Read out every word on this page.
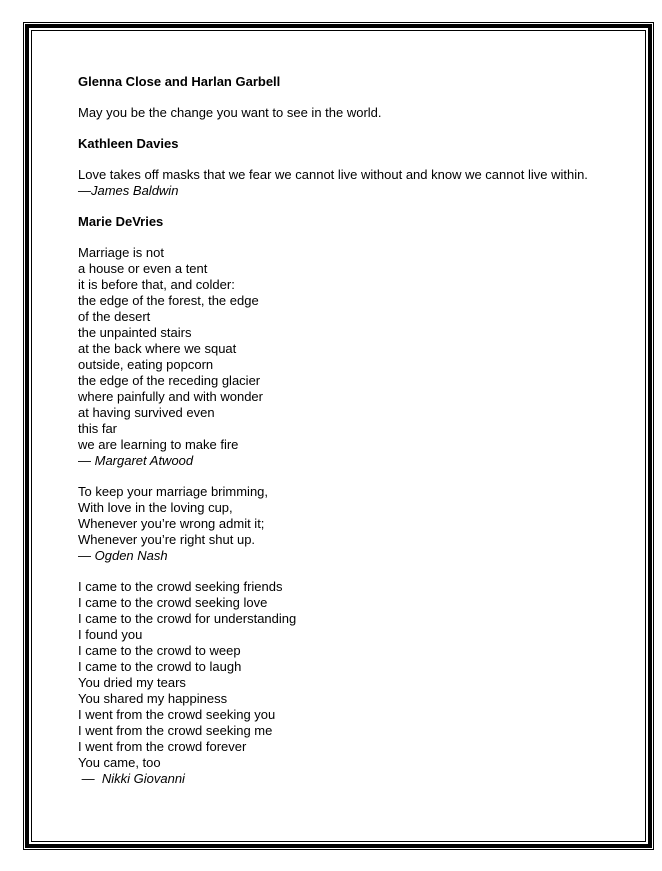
Glenna Close and Harlan Garbell

May you be the change you want to see in the world.

Kathleen Davies

Love takes off masks that we fear we cannot live without and know we cannot live within.
—James Baldwin

Marie DeVries

Marriage is not
a house or even a tent
it is before that, and colder:
the edge of the forest, the edge
of the desert
the unpainted stairs
at the back where we squat
outside, eating popcorn
the edge of the receding glacier
where painfully and with wonder
at having survived even
this far
we are learning to make fire
— Margaret Atwood

To keep your marriage brimming,
With love in the loving cup,
Whenever you’re wrong admit it;
Whenever you’re right shut up.
— Ogden Nash

I came to the crowd seeking friends
I came to the crowd seeking love
I came to the crowd for understanding
I found you
I came to the crowd to weep
I came to the crowd to laugh
You dried my tears
You shared my happiness
I went from the crowd seeking you
I went from the crowd seeking me
I went from the crowd forever
You came, too
—  Nikki Giovanni
